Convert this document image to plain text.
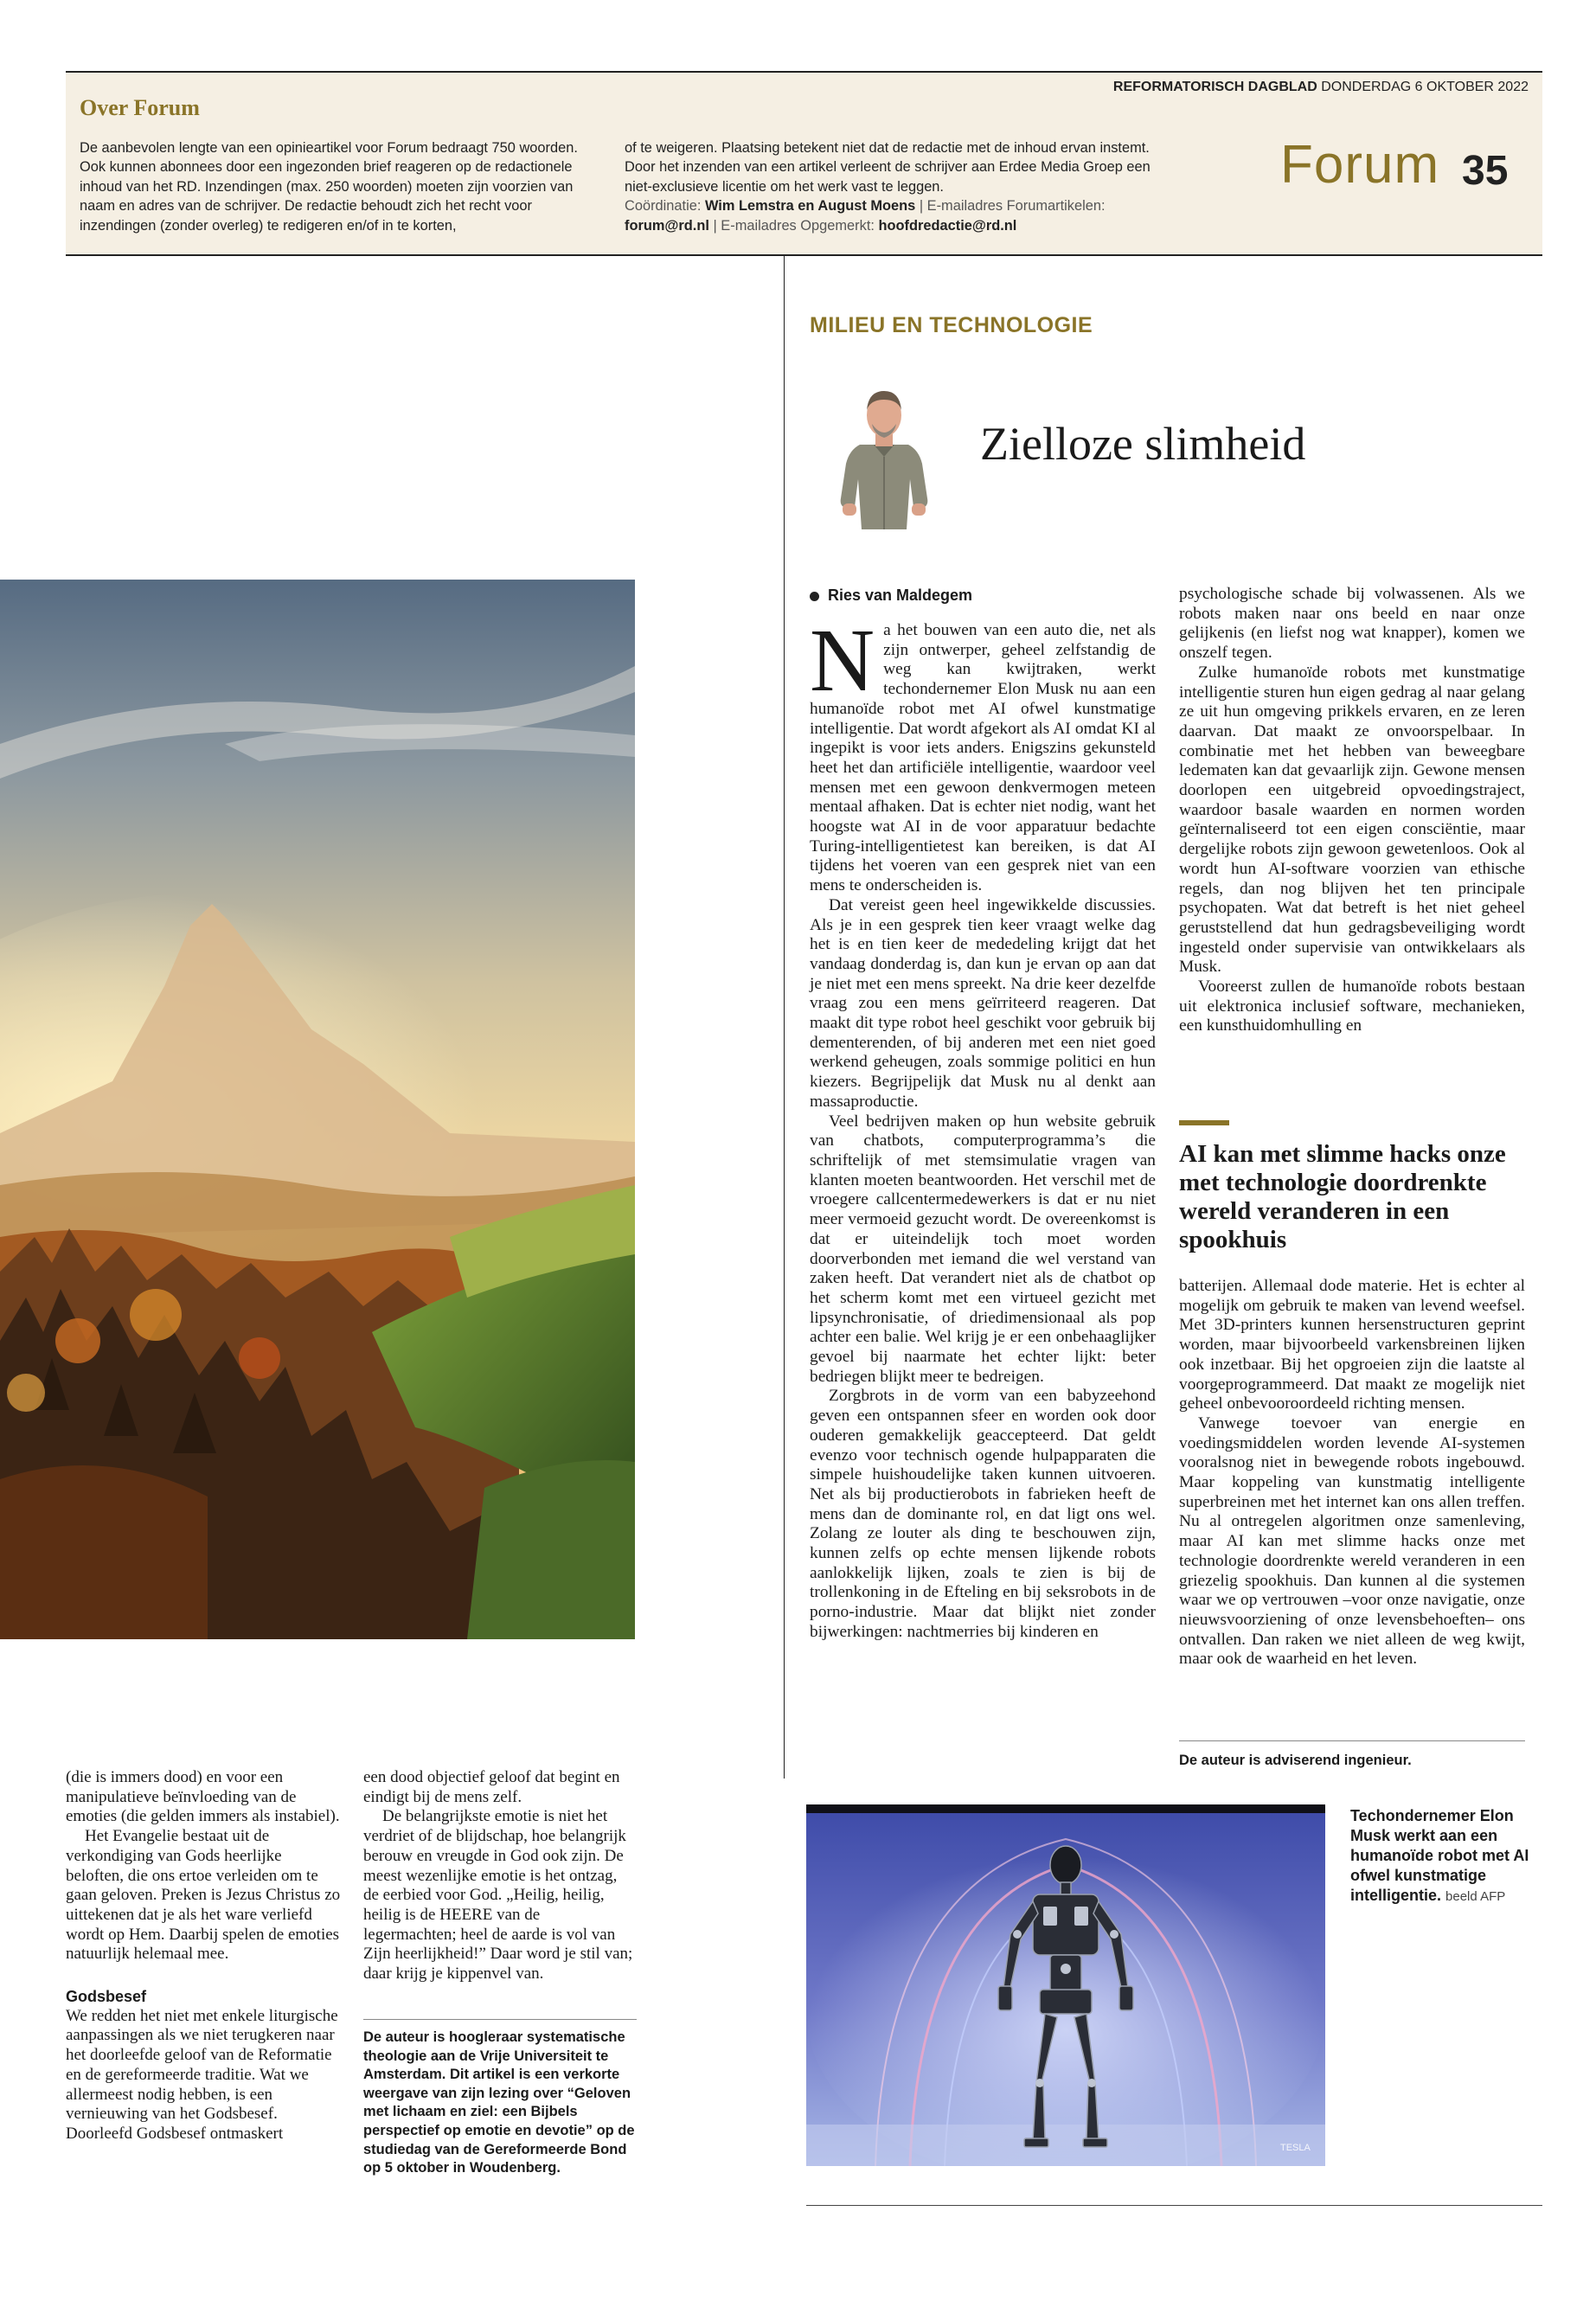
Over Forum
De aanbevolen lengte van een opinieartikel voor Forum bedraagt 750 woorden. Ook kunnen abonnees door een ingezonden brief reageren op de redactionele inhoud van het RD. Inzendingen (max. 250 woorden) moeten zijn voorzien van naam en adres van de schrijver. De redactie behoudt zich het recht voor inzendingen (zonder overleg) te redigeren en/of in te korten,
of te weigeren. Plaatsing betekent niet dat de redactie met de inhoud ervan instemt. Door het inzenden van een artikel verleent de schrijver aan Erdee Media Groep een niet-exclusieve licentie om het werk vast te leggen.
Coördinatie: Wim Lemstra en August Moens | E-mailadres Forumartikelen:
forum@rd.nl | E-mailadres Opgemerkt: hoofdredactie@rd.nl
REFORMATORISCH DAGBLAD DONDERDAG 6 OKTOBER 2022
Forum 35
MILIEU EN TECHNOLOGIE
Zielloze slimheid
Ries van Maldegem

Na het bouwen van een auto die, net als zijn ontwerper, geheel zelfstandig de weg kan kwijtraken, werkt techondernemer Elon Musk nu aan een humanoïde robot met AI ofwel kunstmatige intelligentie. Dat wordt afgekort als AI omdat KI al ingepikt is voor iets anders. Enigszins gekunsteld heet het dan artificiële intelligentie, waardoor veel mensen met een gewoon denkvermogen meteen mentaal afhaken. Dat is echter niet nodig, want het hoogste wat AI in de voor apparatuur bedachte Turing-intelligentietest kan bereiken, is dat AI tijdens het voeren van een gesprek niet van een mens te onderscheiden is.

Dat vereist geen heel ingewikkelde discussies. Als je in een gesprek tien keer vraagt welke dag het is en tien keer de mededeling krijgt dat het vandaag donderdag is, dan kun je ervan op aan dat je niet met een mens spreekt. Na drie keer dezelfde vraag zou een mens geïrriteerd reageren. Dat maakt dit type robot heel geschikt voor gebruik bij dementerenden, of bij anderen met een niet goed werkend geheugen, zoals sommige politici en hun kiezers. Begrijpelijk dat Musk nu al denkt aan massaproductie.

Veel bedrijven maken op hun website gebruik van chatbots, computerprogramma’s die schriftelijk of met stemsimulatie vragen van klanten moeten beantwoorden. Het verschil met de vroegere callcentermedewerkers is dat er nu niet meer vermoeid gezucht wordt. De overeenkomst is dat er uiteindelijk toch moet worden doorverbonden met iemand die wel verstand van zaken heeft. Dat verandert niet als de chatbot op het scherm komt met een virtueel gezicht met lipsynchronisatie, of driedimensionaal als pop achter een balie. Wel krijg je er een onbehaaglijker gevoel bij naarmate het echter lijkt: beter bedriegen blijkt meer te bedreigen.

Zorgbrots in de vorm van een babyzeehond geven een ontspannen sfeer en worden ook door ouderen gemakkelijk geaccepteerd. Dat geldt evenzo voor technisch ogende hulpapparaten die simpele huishoudelijke taken kunnen uitvoeren. Net als bij productierobots in fabrieken heeft de mens dan de dominante rol, en dat ligt ons wel. Zolang ze louter als ding te beschouwen zijn, kunnen zelfs op echte mensen lijkende robots aanlokkelijk lijken, zoals te zien is bij de trollenkoning in de Efteling en bij seksrobots in de porno-industrie. Maar dat blijkt niet zonder bijwerkingen: nachtmerries bij kinderen en

psychologische schade bij volwassenen. Als we robots maken naar ons beeld en naar onze gelijkenis (en liefst nog wat knapper), komen we onszelf tegen.

Zulke humanoïde robots met kunstmatige intelligentie sturen hun eigen gedrag al naar gelang ze uit hun omgeving prikkels ervaren, en ze leren daarvan. Dat maakt ze onvoorspelbaar. In combinatie met het hebben van beweegbare ledematen kan dat gevaarlijk zijn. Gewone mensen doorlopen een uitgebreid opvoedingstraject, waardoor basale waarden en normen worden geïnternaliseerd tot een eigen consciëntie, maar dergelijke robots zijn gewoon gewetenloos. Ook al wordt hun AI-software voorzien van ethische regels, dan nog blijven het ten principale psychopaten. Wat dat betreft is het niet geheel geruststellend dat hun gedragsbeveiliging wordt ingesteld onder supervisie van ontwikkelaars als Musk.

Vooreerst zullen de humanoïde robots bestaan uit elektronica inclusief software, mechanieken, een kunsthuidomhulling en

AI kan met slimme hacks onze met technologie doordrenkte wereld veranderen in een spookhuis

batterijen. Allemaal dode materie. Het is echter al mogelijk om gebruik te maken van levend weefsel. Met 3D-printers kunnen hersenstructuren geprint worden, maar bijvoorbeeld varkensbreinen lijken ook inzetbaar. Bij het opgroeien zijn die laatste al voorgeprogrammeerd. Dat maakt ze mogelijk niet geheel onbevooroordeeld richting mensen.

Vanwege toevoer van energie en voedingsmiddelen worden levende AI-systemen vooralsnog niet in bewegende robots ingebouwd. Maar koppeling van kunstmatig intelligente superbreinen met het internet kan ons allen treffen. Nu al ontregelen algoritmen onze samenleving, maar AI kan met slimme hacks onze met technologie doordrenkte wereld veranderen in een griezelig spookhuis. Dan kunnen al die systemen waar we op vertrouwen –voor onze navigatie, onze nieuwsvoorziening of onze levensbehoeften– ons ontvallen. Dan raken we niet alleen de weg kwijt, maar ook de waarheid en het leven.

De auteur is adviserend ingenieur.

(die is immers dood) en voor een manipulatieve beïnvloeding van de emoties (die gelden immers als instabiel).

Het Evangelie bestaat uit de verkondiging van Gods heerlijke beloften, die ons ertoe verleiden om te gaan geloven. Preken is Jezus Christus zo uittekenen dat je als het ware verliefd wordt op Hem. Daarbij spelen de emoties natuurlijk helemaal mee.

Godsbesef

We redden het niet met enkele liturgische aanpassingen als we niet terugkeren naar het doorleefde geloof van de Reformatie en de gereformeerde traditie. Wat we allermeest nodig hebben, is een vernieuwing van het Godsbesef. Doorleefd Godsbesef ontmaskert

een dood objectief geloof dat begint en eindigt bij de mens zelf.

De belangrijkste emotie is niet het verdriet of de blijdschap, hoe belangrijk berouw en vreugde in God ook zijn. De meest wezenlijke emotie is het ontzag, de eerbied voor God. „Heilig, heilig, heilig is de HEERE van de legermachten; heel de aarde is vol van Zijn heerlijkheid!” Daar word je stil van; daar krijg je kippenvel van.

De auteur is hoogleraar systematische theologie aan de Vrije Universiteit te Amsterdam. Dit artikel is een verkorte weergave van zijn lezing over “Geloven met lichaam en ziel: een Bijbels perspectief op emotie en devotie” op de studiedag van de Gereformeerde Bond op 5 oktober in Woudenberg.
TESLA
Techondernemer Elon Musk werkt aan een humanoïde robot met AI ofwel kunstmatige intelligentie. beeld AFP
